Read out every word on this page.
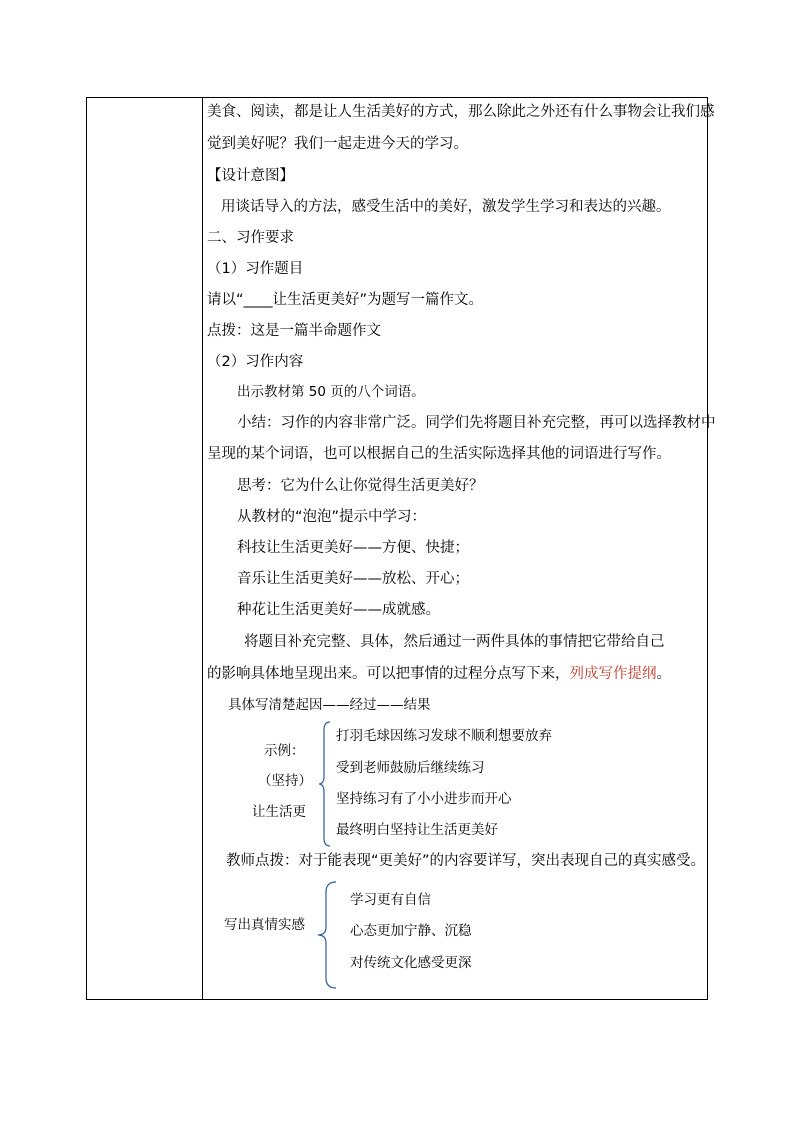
美食、阅读，都是让人生活美好的方式，那么除此之外还有什么事物会让我们感
觉到美好呢？我们一起走进今天的学习。
【设计意图】
用谈话导入的方法，感受生活中的美好，激发学生学习和表达的兴趣。
二、习作要求
（1）习作题目
请以“____让生活更美好”为题写一篇作文。
点拨：这是一篇半命题作文
（2）习作内容
出示教材第 50 页的八个词语。
小结：习作的内容非常广泛。同学们先将题目补充完整，再可以选择教材中
呈现的某个词语，也可以根据自己的生活实际选择其他的词语进行写作。
思考：它为什么让你觉得生活更美好？
从教材的“泡泡”提示中学习：
科技让生活更美好——方便、快捷；
音乐让生活更美好——放松、开心；
种花让生活更美好——成就感。
将题目补充完整、具体，然后通过一两件具体的事情把它带给自己
的影响具体地呈现出来。可以把事情的过程分点写下来，列成写作提纲。
具体写清楚起因——经过——结果
示例：
（坚持）
让生活更
打羽毛球因练习发球不顺利想要放弃
受到老师鼓励后继续练习
坚持练习有了小小进步而开心
最终明白坚持让生活更美好
教师点拨：对于能表现“更美好”的内容要详写，突出表现自己的真实感受。
写出真情实感
学习更有自信
心态更加宁静、沉稳
对传统文化感受更深
